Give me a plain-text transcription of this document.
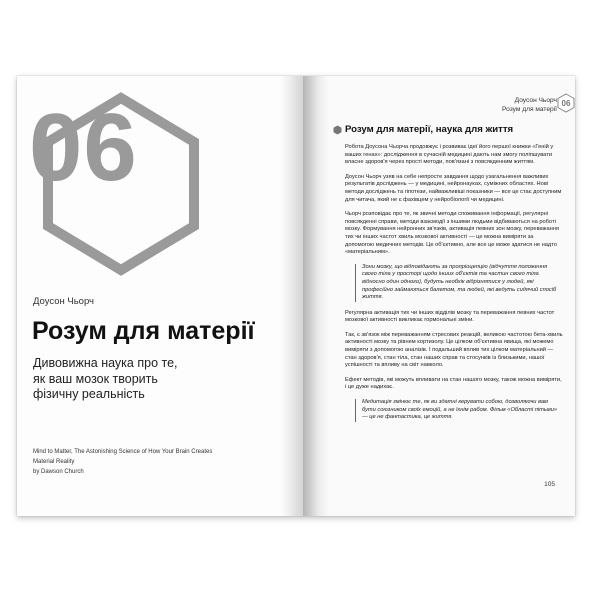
06
Доусон Чьорч
Розум для матерії
Дивовижна наука про те,
як ваш мозок творить
фізичну реальність
Mind to Matter, The Astonishing Science of How Your Brain Creates
Material Reality
by Dawson Church
Доусон Чьорч
Розум для матерії
06
Розум для матерії, наука для життя

Робота Доусона Чьорча продовжує і розвиває ідеї його першої книжки «Геній у ваших генах»: дослідження в сучасній медицині дають нам змогу поліпшувати власне здоров'я через прості методи, пов'язані з повсякденним життям.

Доусон Чьорч узяв на себе непросте завдання щодо узагальнення важливих результатів досліджень — у медицині, нейронауках, суміжних областях. Нові методи досліджень та гіпотези, найважливіші показники — все це стає доступним для читача, який не є фахівцем у нейробіології чи медицині.

Чьорч розповідає про те, як звичні методи споживання інформації, регулярні повсякденні справи, методи взаємодії з іншими людьми відбиваються на роботі мозку. Формування нейронних зв'язків, активація певних зон мозку, переважання тих чи інших частот хвиль мозкової активності — це можна виміряти за допомогою медичних методів. Це об'єктивно, але все це може здатися не надто «матеріальним».

Зони мозку, що відповідають за пропріоцепцію (відчуття положення свого тіла у просторі щодо інших об'єктів та частин свого тіла відносно один одного), будуть необхік відрізнятися у людей, які професійно займаються балетом, та людей, які ведуть сидячий спосіб життя.

Регулярна активація тих чи інших відділів мозку та переважання певних частот мозкової активності викликає гормональні зміни.

Так, є зв'язок між переважанням стресових реакцій, великою частотою бета-хвиль активності мозку та рівнем кортизолу. Це цілком об'єктивна явища, які можемо виміряти з допомогою аналізів. І подальший вплив тих цілком матеріальний — стан здоров'я, стан тіла, стан наших справ та стосунків із близькими, нашої успішності та впливу на світ навколо.

Ефект методів, які можуть впливати на стан нашого мозку, також можна виміряти, і це дуже надихає.

Медитація змінює те, як ви здатні керувати собою, дозволяючи вам бути союзником своїх емоцій, а не їхнім рабом. Фільм «Області пітьми» — це не фантастика, це життя.
105
